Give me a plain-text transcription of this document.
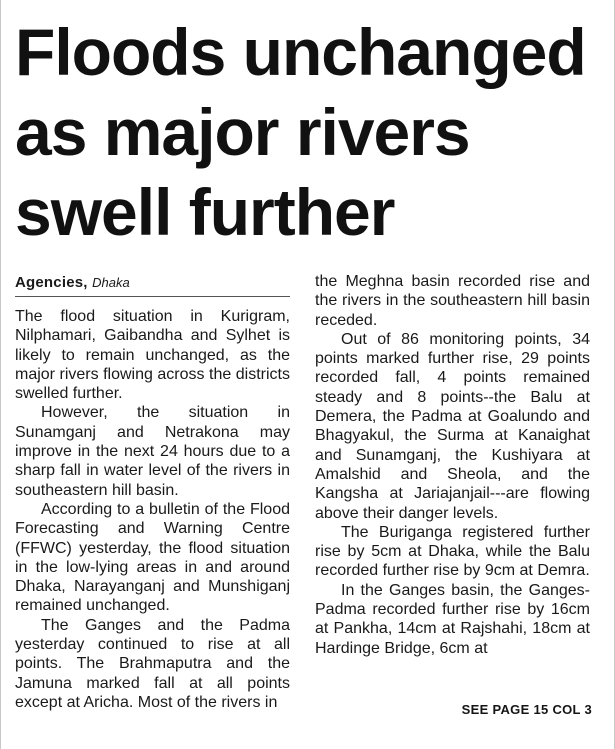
Floods unchanged as major rivers swell further
Agencies, Dhaka

The flood situation in Kurigram, Nilphamari, Gaibandha and Sylhet is likely to remain unchanged, as the major rivers flowing across the districts swelled further.

However, the situation in Sunamganj and Netrakona may improve in the next 24 hours due to a sharp fall in water level of the rivers in southeastern hill basin.

According to a bulletin of the Flood Forecasting and Warning Centre (FFWC) yesterday, the flood situation in the low-lying areas in and around Dhaka, Narayanganj and Munshiganj remained unchanged.

The Ganges and the Padma yesterday continued to rise at all points. The Brahmaputra and the Jamuna marked fall at all points except at Aricha. Most of the rivers in

the Meghna basin recorded rise and the rivers in the southeastern hill basin receded.

Out of 86 monitoring points, 34 points marked further rise, 29 points recorded fall, 4 points remained steady and 8 points--the Balu at Demera, the Padma at Goalundo and Bhagyakul, the Surma at Kanaighat and Sunamganj, the Kushiyara at Amalshid and Sheola, and the Kangsha at Jariajanjail---are flowing above their danger levels.

The Buriganga registered further rise by 5cm at Dhaka, while the Balu recorded further rise by 9cm at Demra.

In the Ganges basin, the Ganges-Padma recorded further rise by 16cm at Pankha, 14cm at Rajshahi, 18cm at Hardinge Bridge, 6cm at

SEE PAGE 15 COL 3
